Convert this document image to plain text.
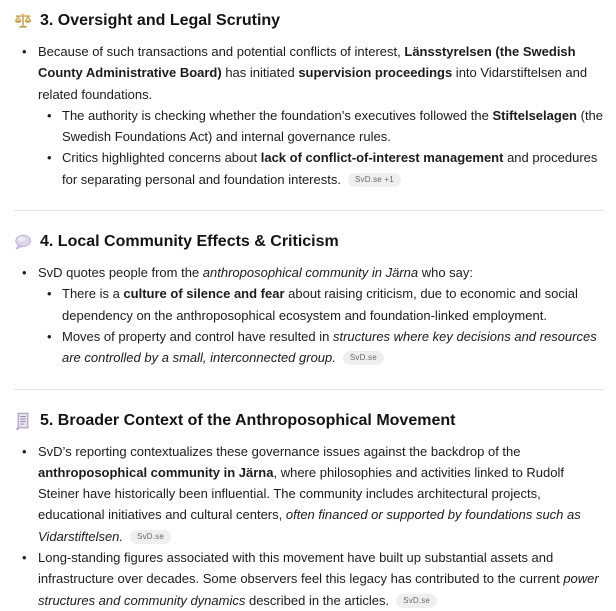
3. Oversight and Legal Scrutiny
• Because of such transactions and potential conflicts of interest, Länsstyrelsen (the Swedish County Administrative Board) has initiated supervision proceedings into Vidarstiftelsen and related foundations.
• The authority is checking whether the foundation’s executives followed the Stiftelselagen (the Swedish Foundations Act) and internal governance rules.
• Critics highlighted concerns about lack of conflict-of-interest management and procedures for separating personal and foundation interests. SvD.se +1
4. Local Community Effects & Criticism
• SvD quotes people from the anthroposophical community in Järna who say:
• There is a culture of silence and fear about raising criticism, due to economic and social dependency on the anthroposophical ecosystem and foundation-linked employment.
• Moves of property and control have resulted in structures where key decisions and resources are controlled by a small, interconnected group. SvD.se
5. Broader Context of the Anthroposophical Movement
• SvD’s reporting contextualizes these governance issues against the backdrop of the anthroposophical community in Järna, where philosophies and activities linked to Rudolf Steiner have historically been influential. The community includes architectural projects, educational initiatives and cultural centers, often financed or supported by foundations such as Vidarstiftelsen. SvD.se
• Long-standing figures associated with this movement have built up substantial assets and infrastructure over decades. Some observers feel this legacy has contributed to the current power structures and community dynamics described in the articles. SvD.se
